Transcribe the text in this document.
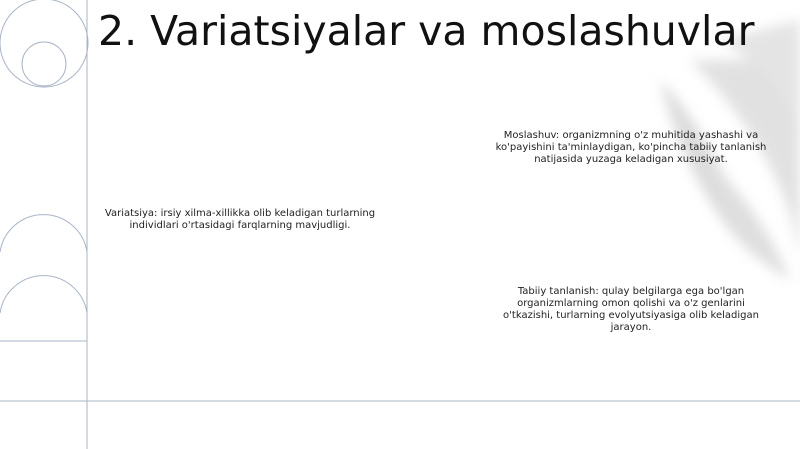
2. Variatsiyalar va moslashuvlar
Variatsiya: irsiy xilma-xillikka olib keladigan turlarning individlari o'rtasidagi farqlarning mavjudligi.
Moslashuv: organizmning o'z muhitida yashashi va ko'payishini ta'minlaydigan, ko'pincha tabiiy tanlanish natijasida yuzaga keladigan xususiyat.
Tabiiy tanlanish: qulay belgilarga ega bo'lgan organizmlarning omon qolishi va o'z genlarini o'tkazishi, turlarning evolyutsiyasiga olib keladigan jarayon.
